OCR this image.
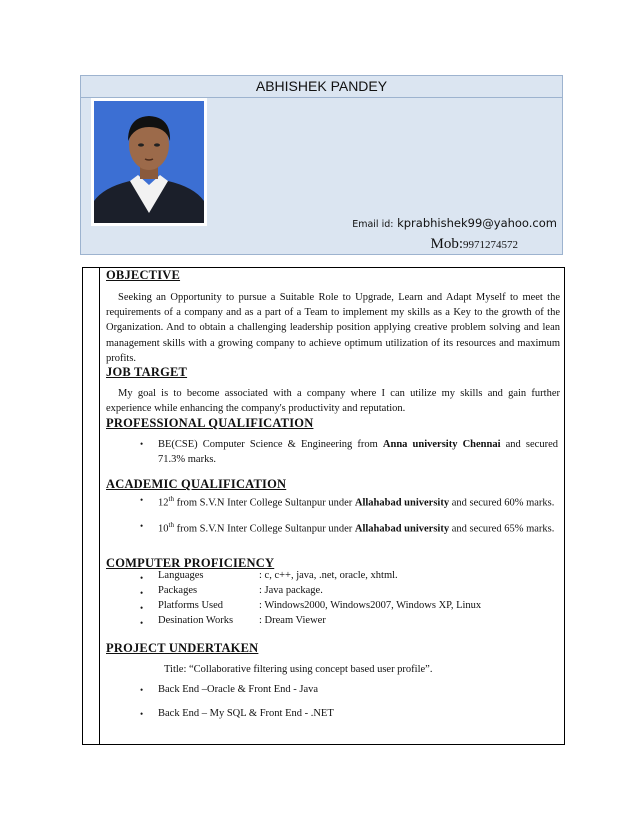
ABHISHEK PANDEY
Email id: kprabhishek99@yahoo.com
Mob:9971274572
OBJECTIVE
Seeking an Opportunity to pursue a Suitable Role to Upgrade, Learn and Adapt Myself to meet the requirements of a company and as a part of a Team to implement my skills as a Key to the growth of the Organization. And to obtain a challenging leadership position applying creative problem solving and lean management skills with a growing company to achieve optimum utilization of its resources and maximum profits.
JOB TARGET
My goal is to become associated with a company where I can utilize my skills and gain further experience while enhancing the company's productivity and reputation.
PROFESSIONAL QUALIFICATION
• BE(CSE) Computer Science & Engineering from Anna university Chennai and secured 71.3% marks.
ACADEMIC QUALIFICATION
• 12th from S.V.N Inter College Sultanpur under Allahabad university and secured 60% marks.
• 10th from S.V.N Inter College Sultanpur under Allahabad university and secured 65% marks.
COMPUTER PROFICIENCY
• Languages	: c, c++, java, .net, oracle, xhtml.
• Packages	: Java package.
• Platforms Used	: Windows2000, Windows2007, Windows XP, Linux
• Desination Works : Dream Viewer
PROJECT UNDERTAKEN
Title: “Collaborative filtering using concept based user profile”.
• Back End –Oracle & Front End - Java
• Back End – My SQL & Front End - .NET
